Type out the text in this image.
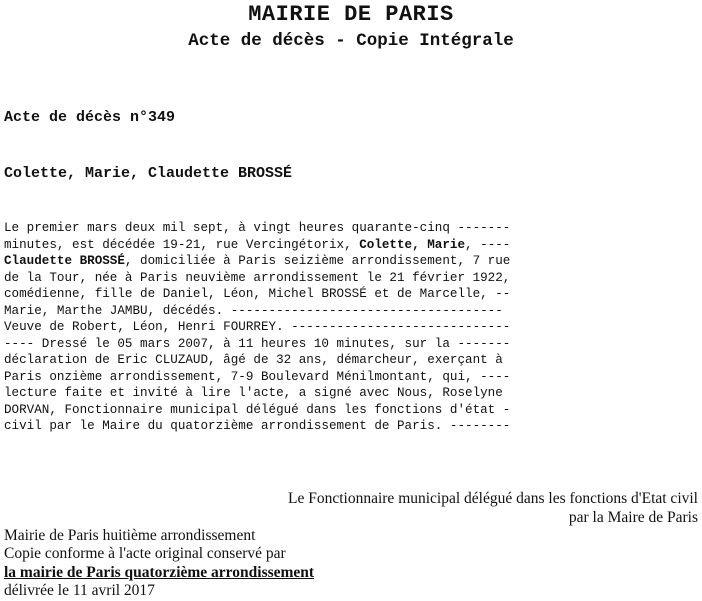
MAIRIE DE PARIS
Acte de décès - Copie Intégrale
Acte de décès n°349
Colette, Marie, Claudette BROSSÉ
Le premier mars deux mil sept, à vingt heures quarante-cinq -------
minutes, est décédée 19-21, rue Vercingétorix, Colette, Marie, ----
Claudette BROSSÉ, domiciliée à Paris seizième arrondissement, 7 rue
de la Tour, née à Paris neuvième arrondissement le 21 février 1922,
comédienne, fille de Daniel, Léon, Michel BROSSÉ et de Marcelle, --
Marie, Marthe JAMBU, décédés. ------------------------------------
Veuve de Robert, Léon, Henri FOURREY. -----------------------------
---- Dressé le 05 mars 2007, à 11 heures 10 minutes, sur la -------
déclaration de Eric CLUZAUD, âgé de 32 ans, démarcheur, exerçant à
Paris onzième arrondissement, 7-9 Boulevard Ménilmontant, qui, ----
lecture faite et invité à lire l'acte, a signé avec Nous, Roselyne
DORVAN, Fonctionnaire municipal délégué dans les fonctions d'état -
civil par le Maire du quatorzième arrondissement de Paris. --------
Le Fonctionnaire municipal délégué dans les fonctions d'Etat civil
par la Maire de Paris
Mairie de Paris huitième arrondissement
Copie conforme à l'acte original conservé par
la mairie de Paris quatorzième arrondissement
délivrée le 11 avril 2017
